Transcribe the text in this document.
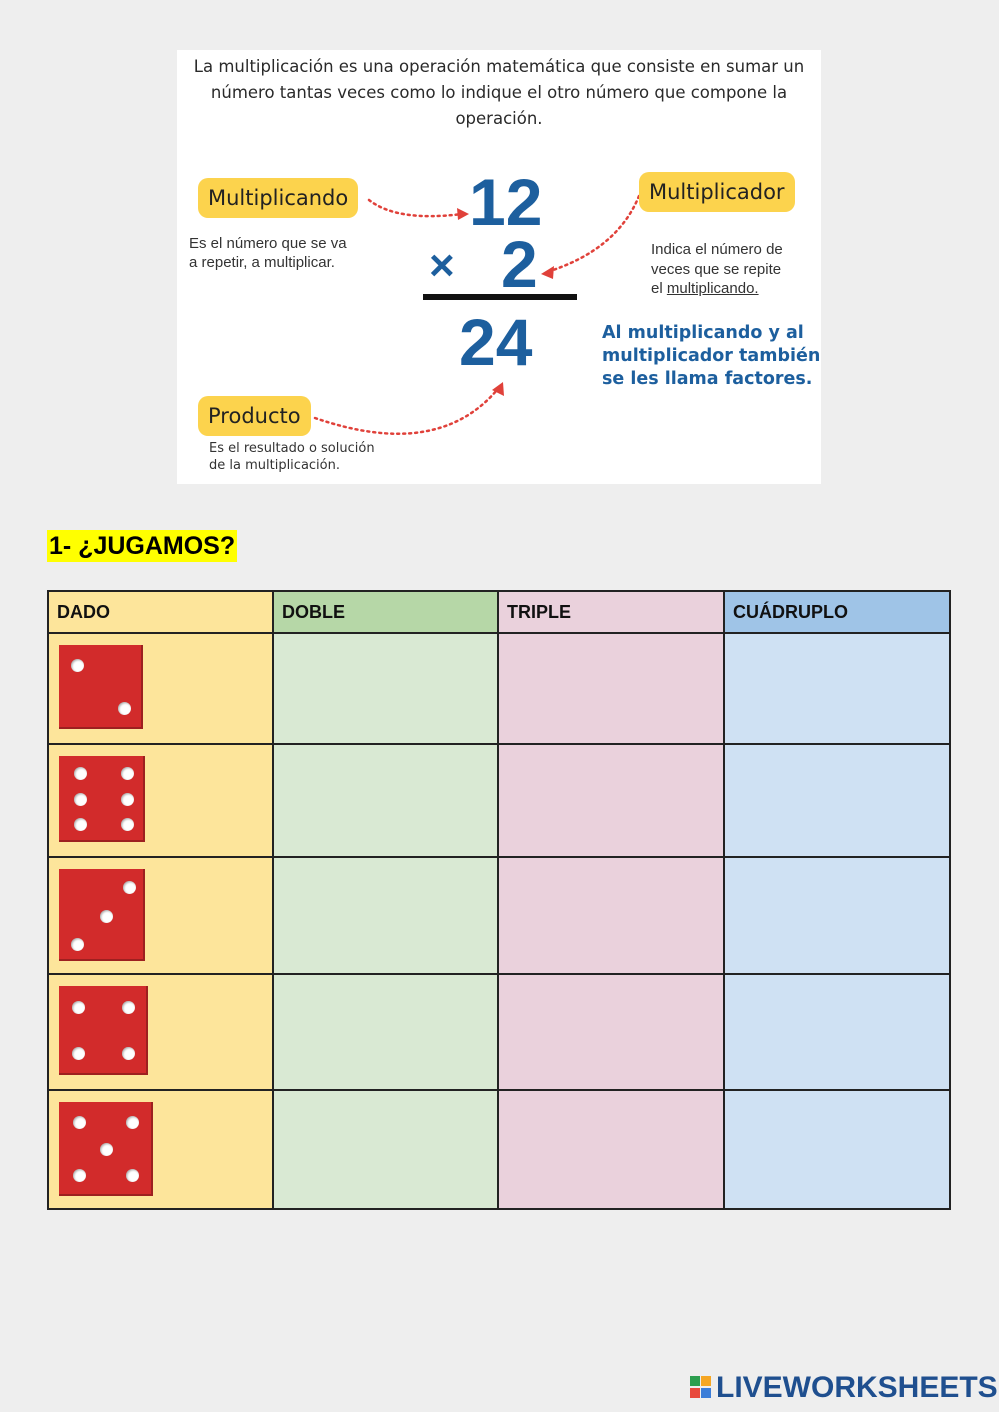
La multiplicación es una operación matemática que consiste en sumar un número tantas veces como lo indique el otro número que compone la operación.
Multiplicando
Es el número que se va
a repetir, a multiplicar.
Multiplicador
Indica el número de
veces que se repite
el multiplicando.
Producto
Es el resultado o solución
de la multiplicación.
12
× 2
24	Al multiplicando y al multiplicador también se les llama factores.
1- ¿JUGAMOS?
DADO	DOBLE	TRIPLE	CUÁDRUPLO

LIVEWORKSHEETS
